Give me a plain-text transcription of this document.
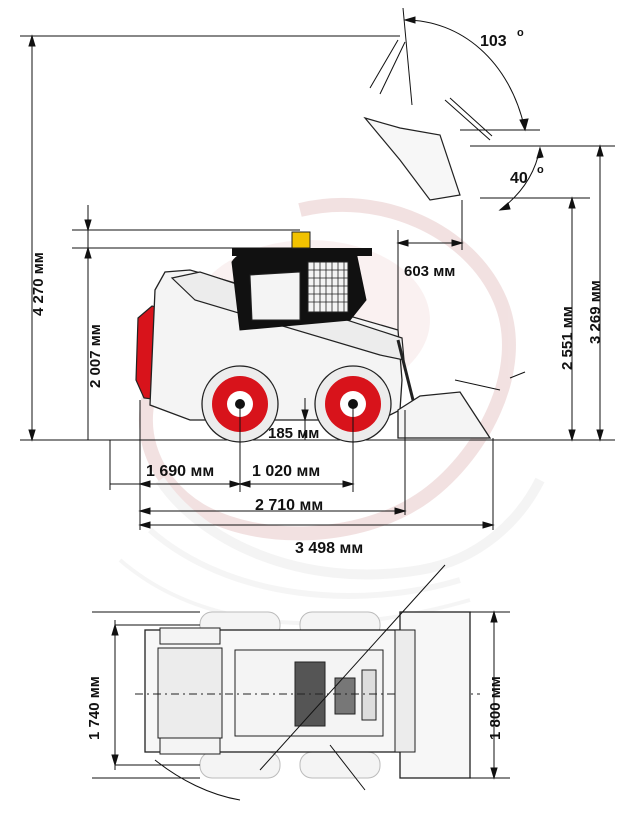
4 270 мм
2 007 мм	2 551 мм 3 269 мм
603 мм
103 o
40 o
185 мм
1 690 мм 1 020 мм
2 710 мм
3 498 мм
1 740 мм	1 800 мм
